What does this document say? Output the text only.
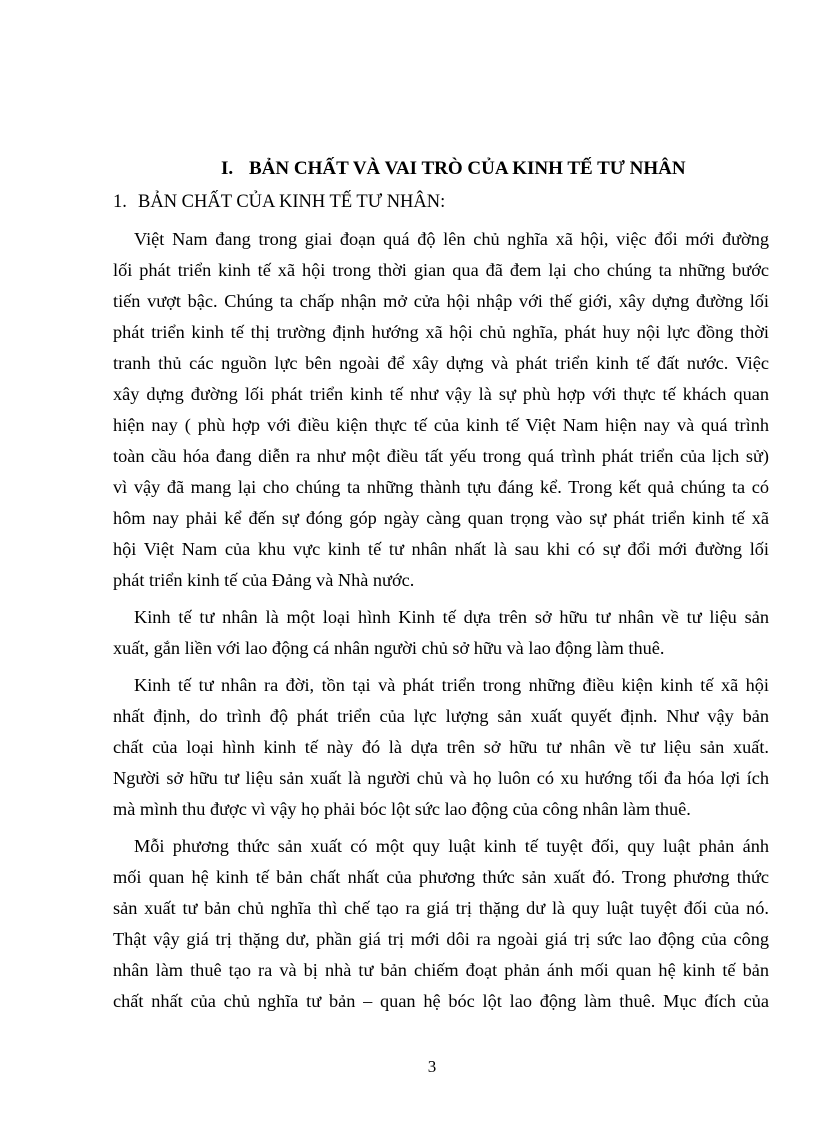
I. BẢN CHẤT VÀ VAI TRÒ CỦA KINH TẾ TƯ NHÂN
1. BẢN CHẤT CỦA KINH TẾ TƯ NHÂN:
Việt Nam đang trong giai đoạn quá độ lên chủ nghĩa xã hội, việc đổi mới đường
lối phát triển kinh tế xã hội trong thời gian qua đã đem lại cho chúng ta những bước
tiến vượt bậc. Chúng ta chấp nhận mở cửa hội nhập với thế giới, xây dựng đường lối
phát triển kinh tế thị trường định hướng xã hội chủ nghĩa, phát huy nội lực đồng thời
tranh thủ các nguồn lực bên ngoài để xây dựng và phát triển kinh tế đất nước. Việc
xây dựng đường lối phát triển kinh tế như vậy là sự phù hợp với thực tế khách quan
hiện nay ( phù hợp với điều kiện thực tế của kinh tế Việt Nam hiện nay và quá trình
toàn cầu hóa đang diễn ra như một điều tất yếu trong quá trình phát triển của lịch sử)
vì vậy đã mang lại cho chúng ta những thành tựu đáng kể. Trong kết quả chúng ta có
hôm nay phải kể đến sự đóng góp ngày càng quan trọng vào sự phát triển kinh tế xã
hội Việt Nam của khu vực kinh tế tư nhân nhất là sau khi có sự đổi mới đường lối
phát triển kinh tế của Đảng và Nhà nước.
Kinh tế tư nhân là một loại hình Kinh tế dựa trên sở hữu tư nhân về tư liệu sản
xuất, gắn liền với lao động cá nhân người chủ sở hữu và lao động làm thuê.
Kinh tế tư nhân ra đời, tồn tại và phát triển trong những điều kiện kinh tế xã hội
nhất định, do trình độ phát triển của lực lượng sản xuất quyết định. Như vậy bản
chất của loại hình kinh tế này đó là dựa trên sở hữu tư nhân về tư liệu sản xuất.
Người sở hữu tư liệu sản xuất là người chủ và họ luôn có xu hướng tối đa hóa lợi ích
mà mình thu được vì vậy họ phải bóc lột sức lao động của công nhân làm thuê.
Mỗi phương thức sản xuất có một quy luật kinh tế tuyệt đối, quy luật phản ánh
mối quan hệ kinh tế bản chất nhất của phương thức sản xuất đó. Trong phương thức
sản xuất tư bản chủ nghĩa thì chế tạo ra giá trị thặng dư là quy luật tuyệt đối của nó.
Thật vậy giá trị thặng dư, phần giá trị mới dôi ra ngoài giá trị sức lao động của công
nhân làm thuê tạo ra và bị nhà tư bản chiếm đoạt phản ánh mối quan hệ kinh tế bản
chất nhất của chủ nghĩa tư bản – quan hệ bóc lột lao động làm thuê. Mục đích của
3
